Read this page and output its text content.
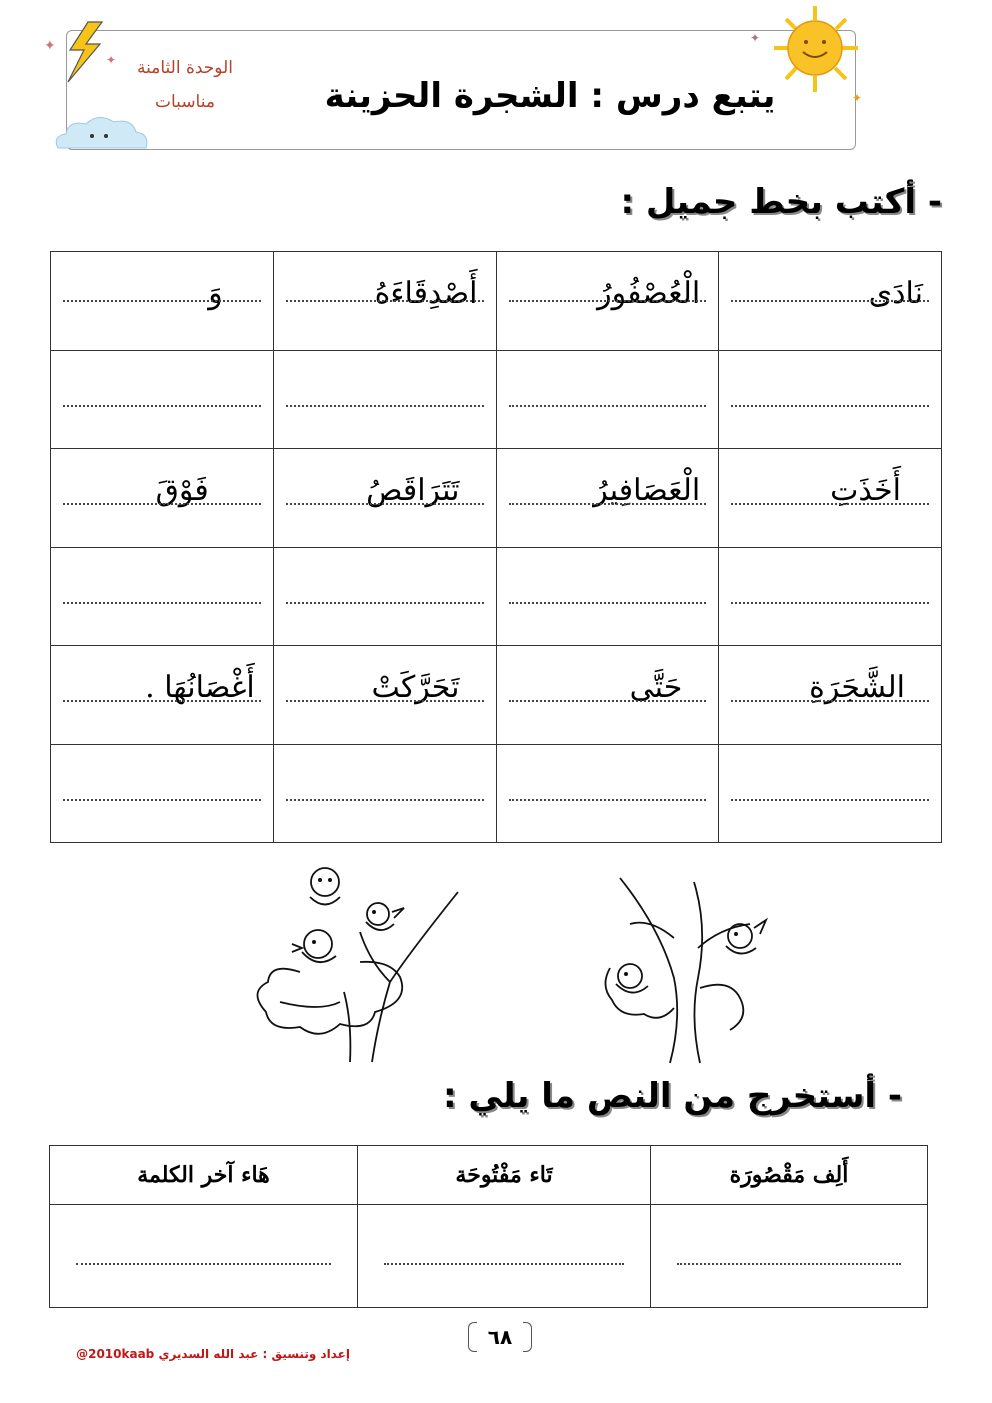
✦
✦
✦
✦
الوحدة الثامنة
مناسبات	يتبع درس : الشجرة الحزينة
- أكتب بخط جميل :
نَادَى	الْعُصْفُورُ	أَصْدِقَاءَهُ	وَ

أَخَذَتِ	الْعَصَافِيرُ	تَتَرَاقَصُ	فَوْقَ

الشَّجَرَةِ	حَتَّى	تَحَرَّكَتْ	أَغْصَانُهَا .

- أستخرج من النص ما يلي :
أَلِف مَقْصُورَة	تَاء مَفْتُوحَة	هَاء آخر الكلمة

٦٨
إعداد وتنسيق : عبد الله السديري 2010kaab@
